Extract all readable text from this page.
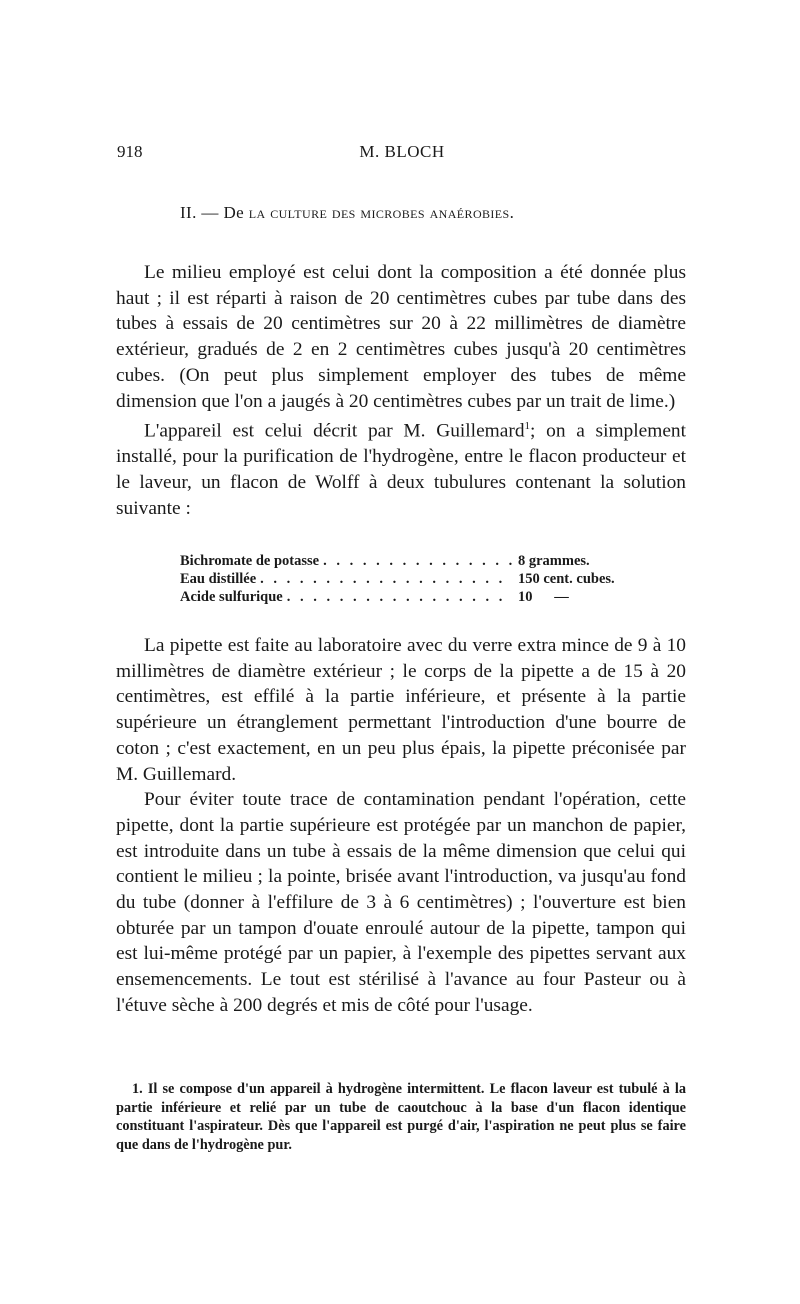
918	M. BLOCH
II. — De la culture des microbes anaérobies.

Le milieu employé est celui dont la composition a été donnée plus haut ; il est réparti à raison de 20 centimètres cubes par tube dans des tubes à essais de 20 centimètres sur 20 à 22 millimètres de diamètre extérieur, gradués de 2 en 2 centimètres cubes jusqu'à 20 centimètres cubes. (On peut plus simplement employer des tubes de même dimension que l'on a jaugés à 20 centimètres cubes par un trait de lime.)

L'appareil est celui décrit par M. Guillemard$^1$; on a simplement installé, pour la purification de l'hydrogène, entre le flacon producteur et le laveur, un flacon de Wolff à deux tubulures contenant la solution suivante :

Bichromate de potasse . . .	8 grammes.
Eau distillée . . .	150 cent. cubes.
Acide sulfurique . . .	10      —

La pipette est faite au laboratoire avec du verre extra mince de 9 à 10 millimètres de diamètre extérieur ; le corps de la pipette a de 15 à 20 centimètres, est effilé à la partie inférieure, et présente à la partie supérieure un étranglement permettant l'introduction d'une bourre de coton ; c'est exactement, en un peu plus épais, la pipette préconisée par M. Guillemard.

Pour éviter toute trace de contamination pendant l'opération, cette pipette, dont la partie supérieure est protégée par un manchon de papier, est introduite dans un tube à essais de la même dimension que celui qui contient le milieu ; la pointe, brisée avant l'introduction, va jusqu'au fond du tube (donner à l'effilure de 3 à 6 centimètres) ; l'ouverture est bien obturée par un tampon d'ouate enroulé autour de la pipette, tampon qui est lui-même protégé par un papier, à l'exemple des pipettes servant aux ensemencements. Le tout est stérilisé à l'avance au four Pasteur ou à l'étuve sèche à 200 degrés et mis de côté pour l'usage.

1. Il se compose d'un appareil à hydrogène intermittent. Le flacon laveur est tubulé à la partie inférieure et relié par un tube de caoutchouc à la base d'un flacon identique constituant l'aspirateur. Dès que l'appareil est purgé d'air, l'aspiration ne peut plus se faire que dans de l'hydrogène pur.
